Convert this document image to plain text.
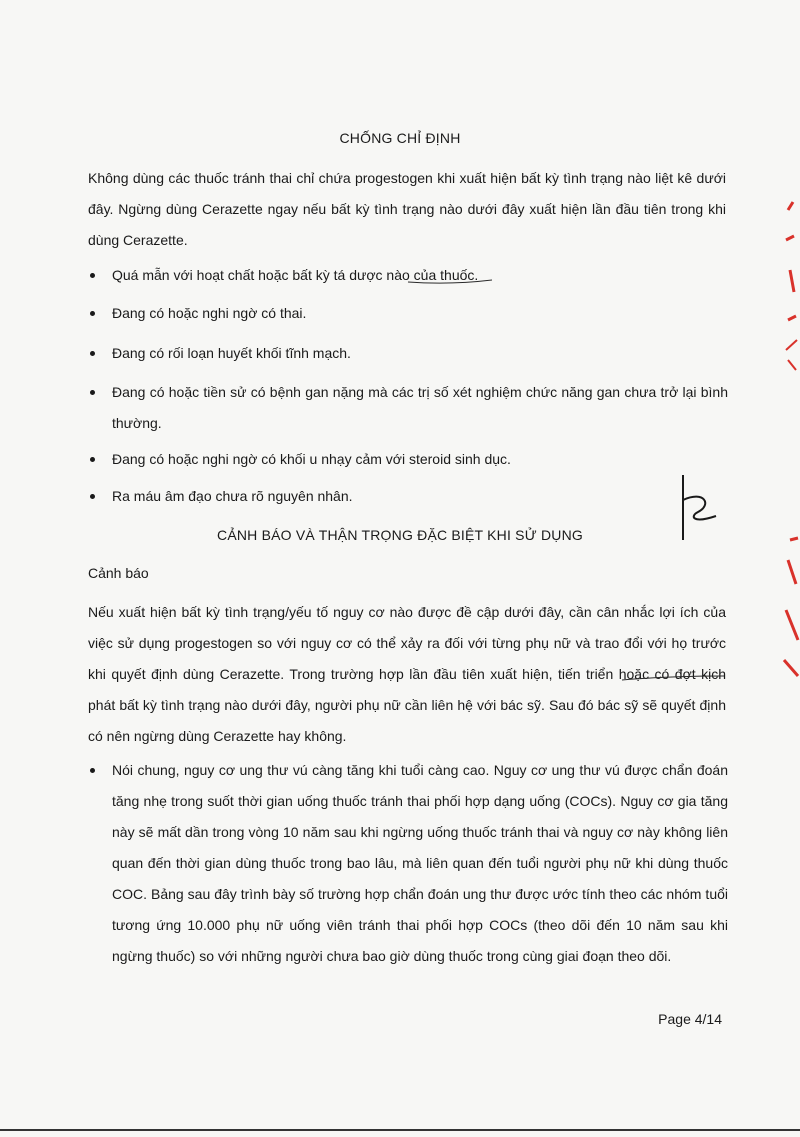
CHỐNG CHỈ ĐỊNH
Không dùng các thuốc tránh thai chỉ chứa progestogen khi xuất hiện bất kỳ tình trạng nào liệt kê dưới đây. Ngừng dùng Cerazette ngay nếu bất kỳ tình trạng nào dưới đây xuất hiện lần đầu tiên trong khi dùng Cerazette.
Quá mẫn với hoạt chất hoặc bất kỳ tá dược nào của thuốc.
Đang có hoặc nghi ngờ có thai.
Đang có rối loạn huyết khối tĩnh mạch.
Đang có hoặc tiền sử có bệnh gan nặng mà các trị số xét nghiệm chức năng gan chưa trở lại bình thường.
Đang có hoặc nghi ngờ có khối u nhạy cảm với steroid sinh dục.
Ra máu âm đạo chưa rõ nguyên nhân.
CẢNH BÁO VÀ THẬN TRỌNG ĐẶC BIỆT KHI SỬ DỤNG
Cảnh báo
Nếu xuất hiện bất kỳ tình trạng/yếu tố nguy cơ nào được đề cập dưới đây, cần cân nhắc lợi ích của việc sử dụng progestogen so với nguy cơ có thể xảy ra đối với từng phụ nữ và trao đổi với họ trước khi quyết định dùng Cerazette. Trong trường hợp lần đầu tiên xuất hiện, tiến triển hoặc có đợt kịch phát bất kỳ tình trạng nào dưới đây, người phụ nữ cần liên hệ với bác sỹ. Sau đó bác sỹ sẽ quyết định có nên ngừng dùng Cerazette hay không.
Nói chung, nguy cơ ung thư vú càng tăng khi tuổi càng cao. Nguy cơ ung thư vú được chẩn đoán tăng nhẹ trong suốt thời gian uống thuốc tránh thai phối hợp dạng uống (COCs). Nguy cơ gia tăng này sẽ mất dần trong vòng 10 năm sau khi ngừng uống thuốc tránh thai và nguy cơ này không liên quan đến thời gian dùng thuốc trong bao lâu, mà liên quan đến tuổi người phụ nữ khi dùng thuốc COC. Bảng sau đây trình bày số trường hợp chẩn đoán ung thư được ước tính theo các nhóm tuổi tương ứng 10.000 phụ nữ uống viên tránh thai phối hợp COCs (theo dõi đến 10 năm sau khi ngừng thuốc) so với những người chưa bao giờ dùng thuốc trong cùng giai đoạn theo dõi.
Page 4/14
